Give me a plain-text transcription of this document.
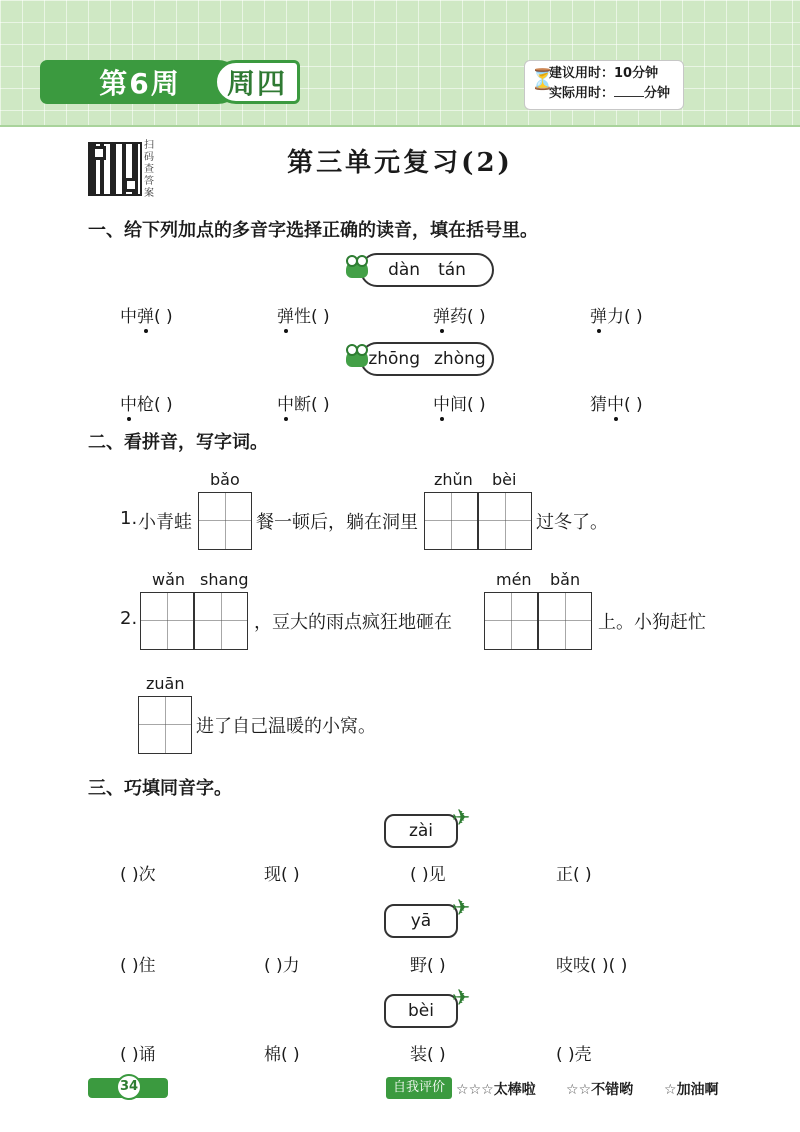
第6周	周四	⏳
建议用时：10分钟
实际用时： 分钟
扫码查答案
第三单元复习(2)
一、给下列加点的多音字选择正确的读音，填在括号里。
dàn tán
中弹( )	弹性( )	弹药( )	弹力( )
zhōng zhòng
中枪( )	中断( )	中间( )	猜中( )
二、看拼音，写字词。
bǎo	zhǔn bèi
1. 小青蛙	餐一顿后，躺在洞里	过冬了。
wǎn shang	mén bǎn
2.	，豆大的雨点疯狂地砸在	上。小狗赶忙
zuān
进了自己温暖的小窝。
三、巧填同音字。
zài ✈
( )次	现( )	( )见	正( )
yā ✈
( )住	( )力	野( )	吱吱( )( )
bèi ✈
( )诵	棉( )	装( )	( )壳
34	自我评价 ☆☆☆太棒啦 ☆☆不错哟 ☆加油啊
